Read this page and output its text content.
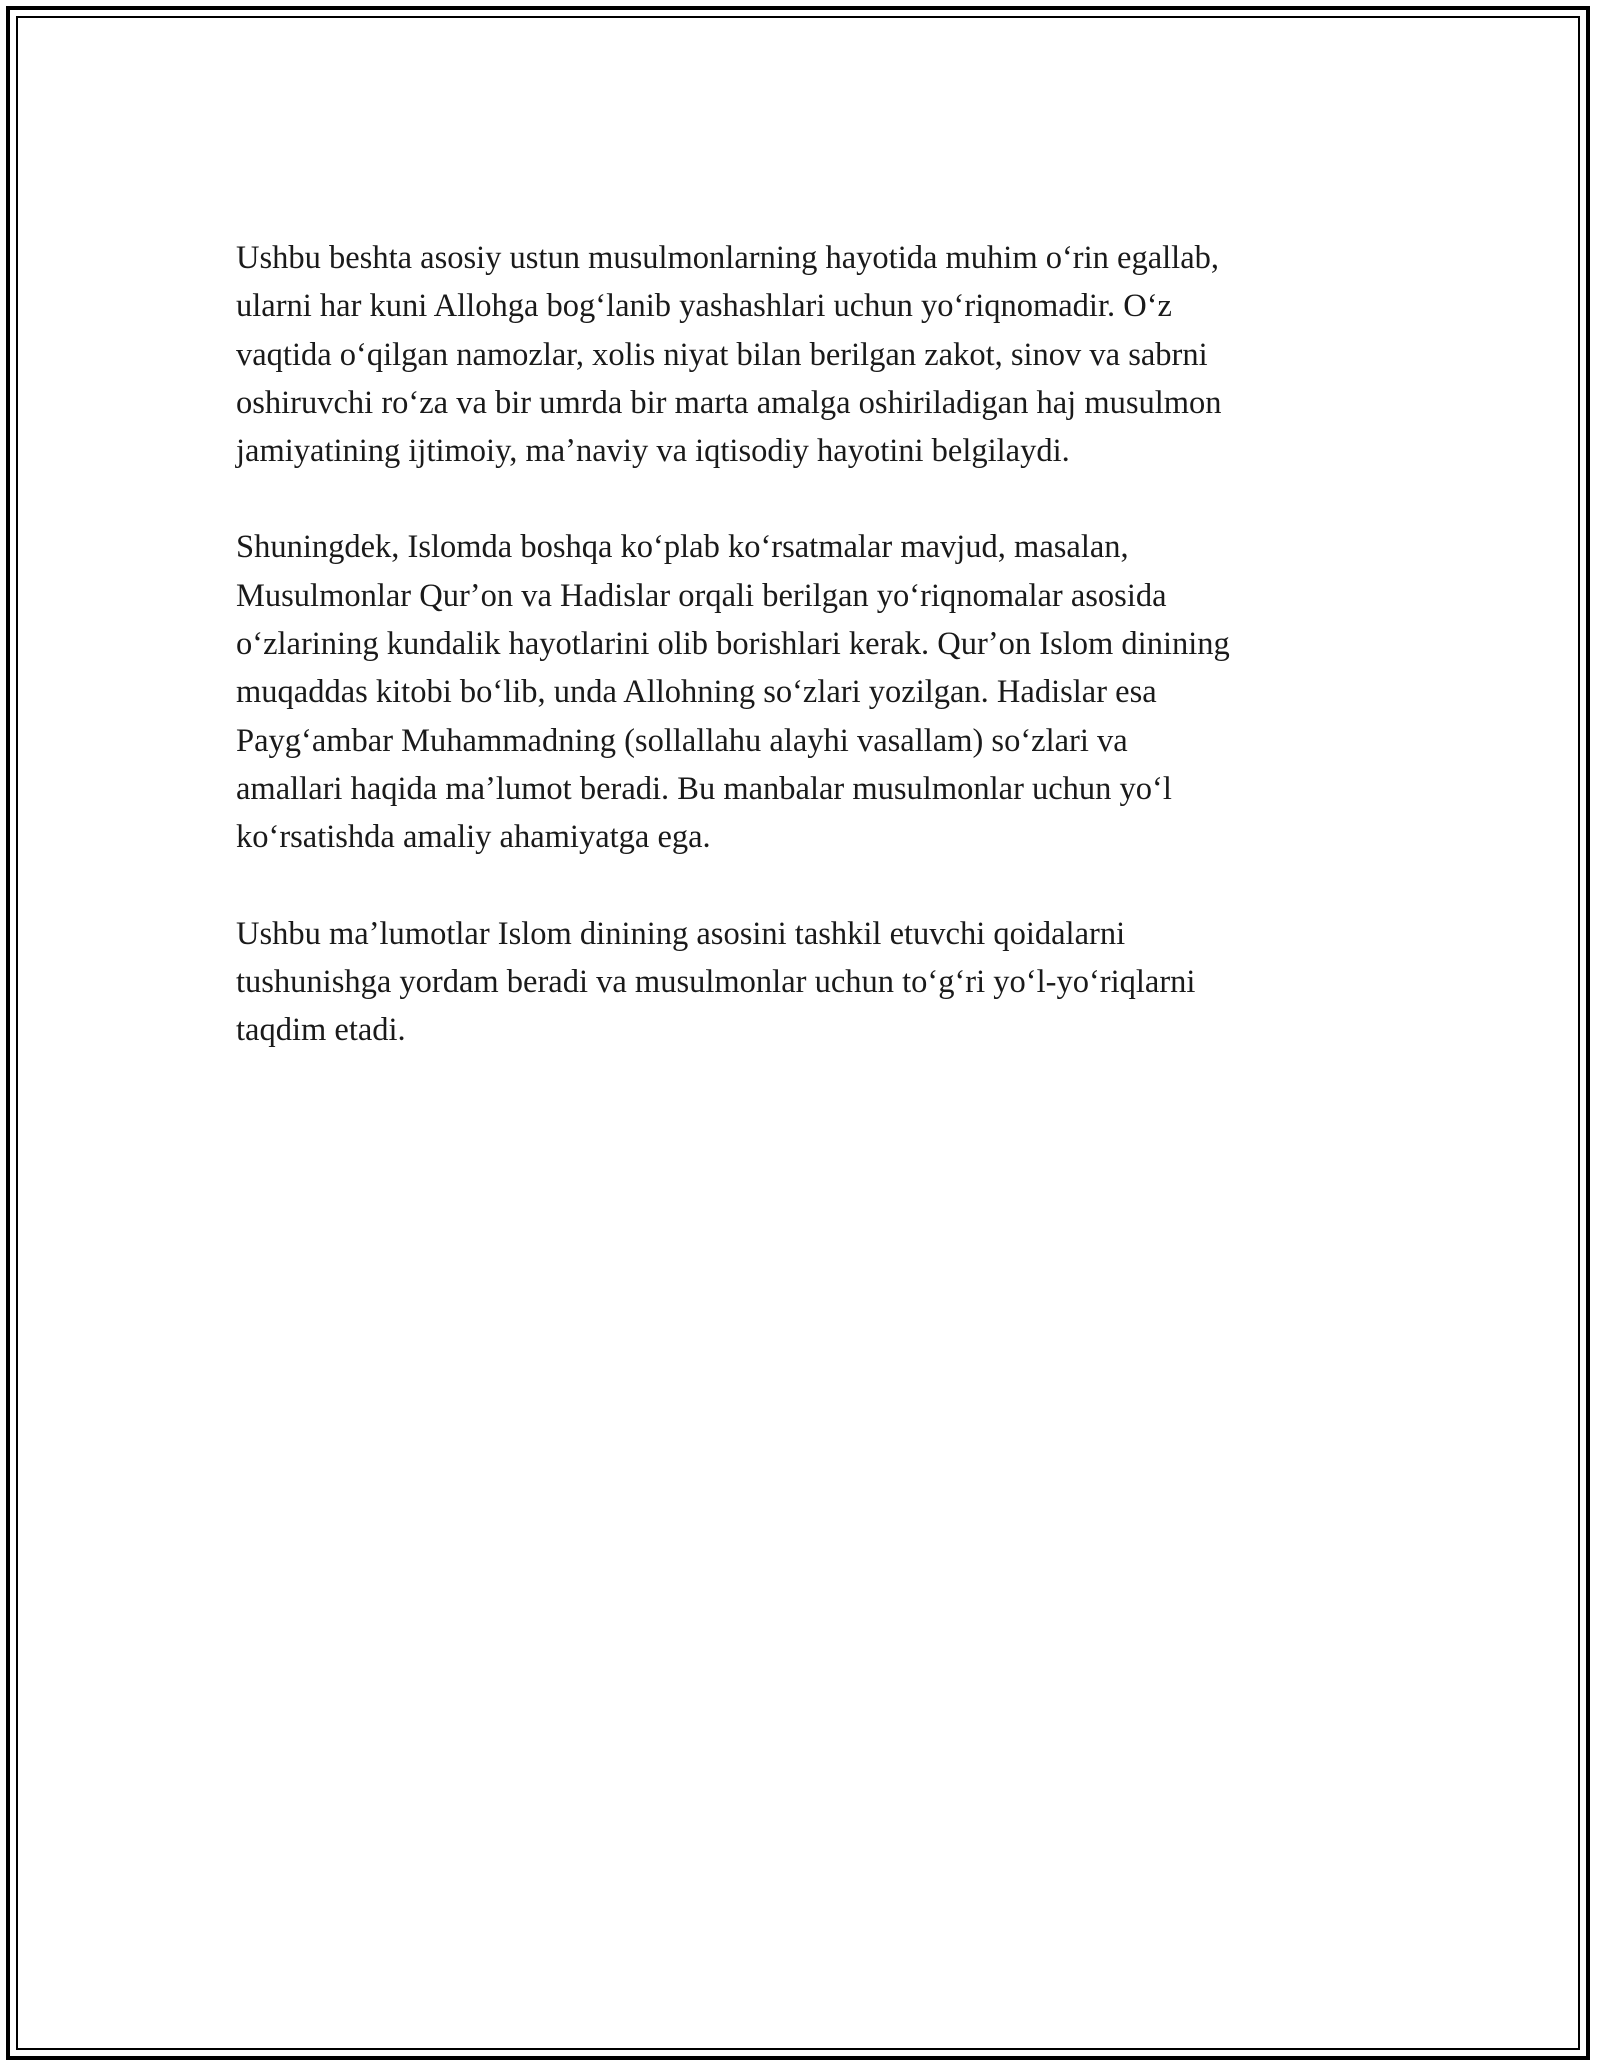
Ushbu beshta asosiy ustun musulmonlarning hayotida muhim oʻrin egallab,
ularni har kuni Allohga bogʻlanib yashashlari uchun yoʻriqnomadir. Oʻz
vaqtida oʻqilgan namozlar, xolis niyat bilan berilgan zakot, sinov va sabrni
oshiruvchi roʻza va bir umrda bir marta amalga oshiriladigan haj musulmon
jamiyatining ijtimoiy, maʼnaviy va iqtisodiy hayotini belgilaydi.

Shuningdek, Islomda boshqa koʻplab koʻrsatmalar mavjud, masalan,
Musulmonlar Qurʼon va Hadislar orqali berilgan yoʻriqnomalar asosida
oʻzlarining kundalik hayotlarini olib borishlari kerak. Qurʼon Islom dinining
muqaddas kitobi boʻlib, unda Allohning soʻzlari yozilgan. Hadislar esa
Paygʻambar Muhammadning (sollallahu alayhi vasallam) soʻzlari va
amallari haqida maʼlumot beradi. Bu manbalar musulmonlar uchun yoʻl
koʻrsatishda amaliy ahamiyatga ega.

Ushbu maʼlumotlar Islom dinining asosini tashkil etuvchi qoidalarni
tushunishga yordam beradi va musulmonlar uchun toʻgʻri yoʻl-yoʻriqlarni
taqdim etadi.
